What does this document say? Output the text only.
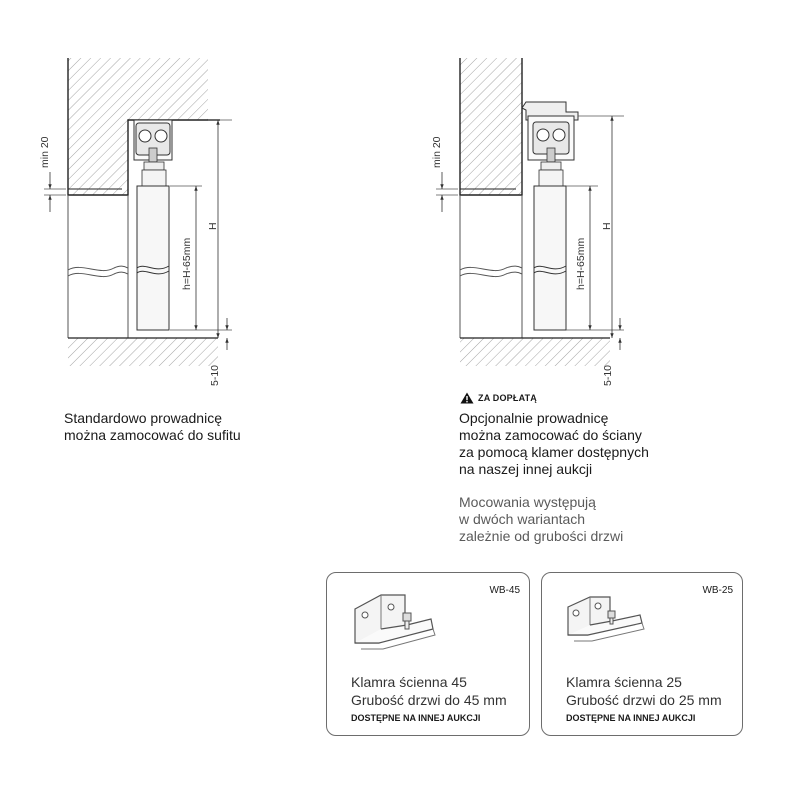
min 20
h=H-65mm
H
5-10
min 20
h=H-65mm
H
5-10
Standardowo prowadnicę
można zamocować do sufitu
ZA DOPŁATĄ
Opcjonalnie prowadnicę
można zamocować do ściany
za pomocą klamer dostępnych
na naszej innej aukcji
Mocowania występują
w dwóch wariantach
zależnie od grubości drzwi
WB-45
Klamra ścienna 45
Grubość drzwi do 45 mm
DOSTĘPNE NA INNEJ AUKCJI
WB-25
Klamra ścienna 25
Grubość drzwi do 25 mm
DOSTĘPNE NA INNEJ AUKCJI
